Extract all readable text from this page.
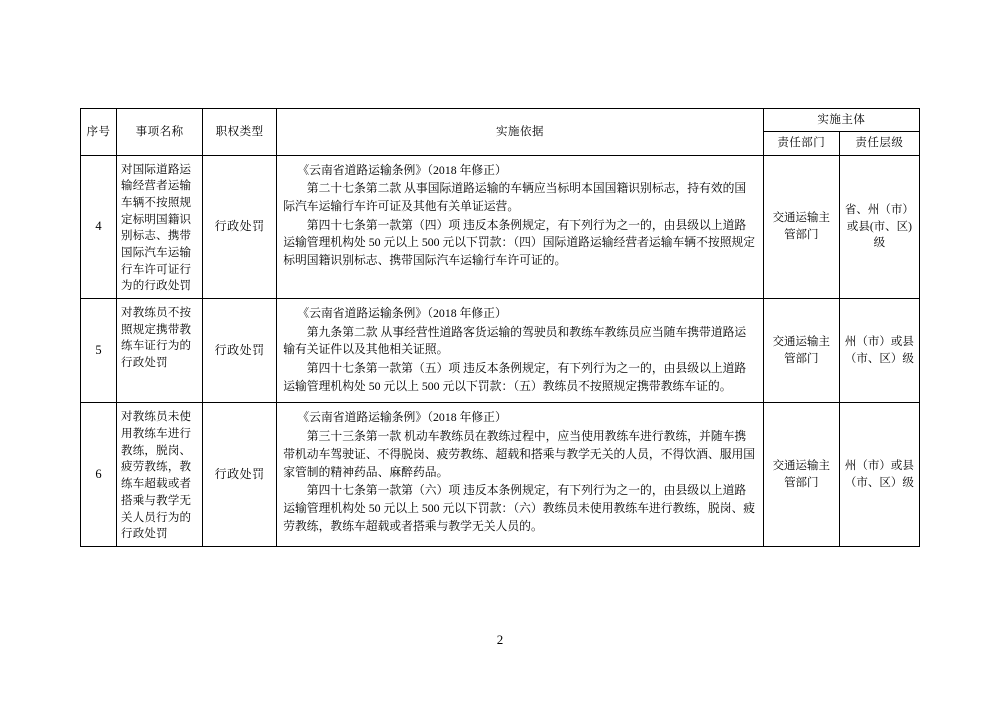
序号	事项名称	职权类型	实施依据	实施主体	
				责任部门	责任层级
4	对国际道路运输经营者运输车辆不按照规定标明国籍识别标志、携带国际汽车运输行车许可证行为的行政处罚	行政处罚	《云南省道路运输条例》（2018 年修正）

第二十七条第二款 从事国际道路运输的车辆应当标明本国国籍识别标志，持有效的国际汽车运输行车许可证及其他有关单证运营。

第四十七条第一款第（四）项 违反本条例规定，有下列行为之一的，由县级以上道路运输管理机构处 50 元以上 500 元以下罚款：（四）国际道路运输经营者运输车辆不按照规定标明国籍识别标志、携带国际汽车运输行车许可证的。	交通运输主管部门	省、州（市）或县(市、区)级
5	对教练员不按照规定携带教练车证行为的行政处罚	行政处罚	《云南省道路运输条例》（2018 年修正）

第九条第二款 从事经营性道路客货运输的驾驶员和教练车教练员应当随车携带道路运输有关证件以及其他相关证照。

第四十七条第一款第（五）项 违反本条例规定，有下列行为之一的，由县级以上道路运输管理机构处 50 元以上 500 元以下罚款：（五）教练员不按照规定携带教练车证的。	交通运输主管部门	州（市）或县（市、区）级
6	对教练员未使用教练车进行教练，脱岗、疲劳教练，教练车超载或者搭乘与教学无关人员行为的行政处罚	行政处罚	《云南省道路运输条例》（2018 年修正）

第三十三条第一款 机动车教练员在教练过程中，应当使用教练车进行教练，并随车携带机动车驾驶证、不得脱岗、疲劳教练、超载和搭乘与教学无关的人员，不得饮酒、服用国家管制的精神药品、麻醉药品。

第四十七条第一款第（六）项 违反本条例规定，有下列行为之一的，由县级以上道路运输管理机构处 50 元以上 500 元以下罚款：（六）教练员未使用教练车进行教练，脱岗、疲劳教练，教练车超载或者搭乘与教学无关人员的。	交通运输主管部门	州（市）或县（市、区）级
2
